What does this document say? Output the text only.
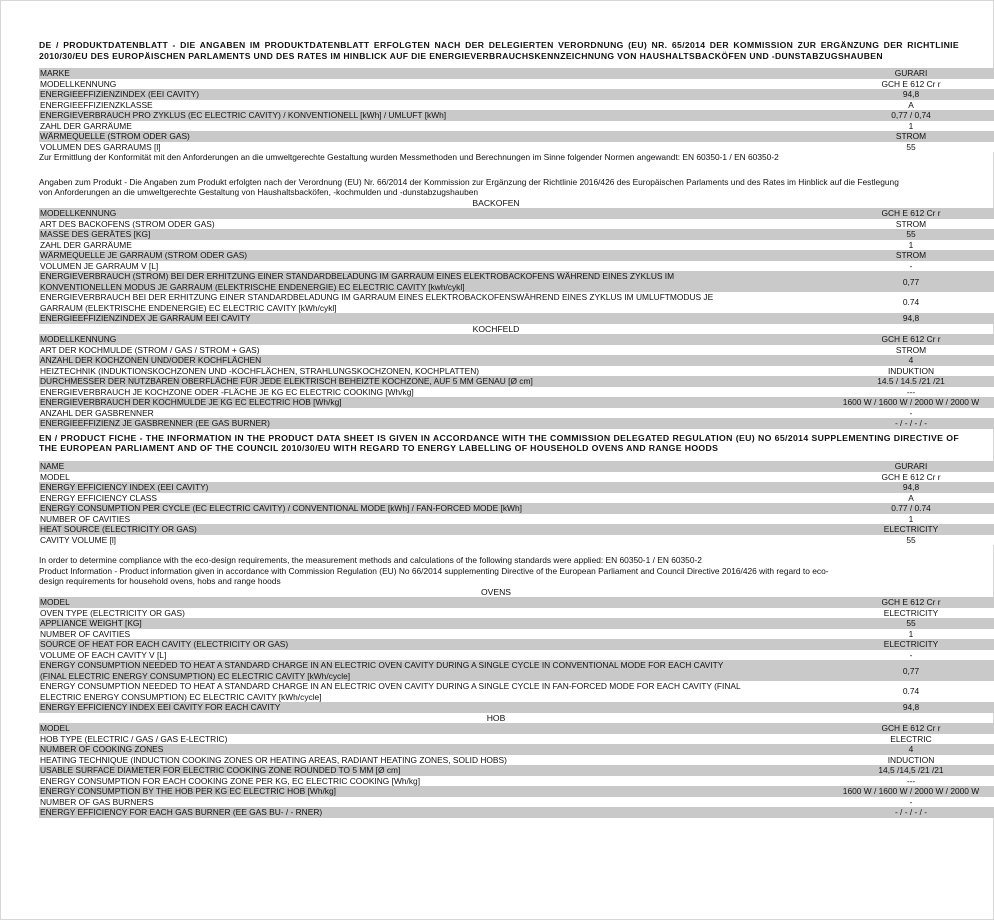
DE / PRODUKTDATENBLATT - DIE ANGABEN IM PRODUKTDATENBLATT ERFOLGTEN NACH DER DELEGIERTEN VERORDNUNG (EU) NR. 65/2014 DER KOMMISSION ZUR ERGÄNZUNG DER RICHTLINIE 2010/30/EU DES EUROPÄISCHEN PARLAMENTS UND DES RATES IM HINBLICK AUF DIE ENERGIEVERBRAUCHSKENNZEICHNUNG VON HAUSHALTSBACKÖFEN UND -DUNSTABZUGSHAUBEN
MARKE	GURARI
MODELLKENNUNG	GCH E 612 Cr r
ENERGIEEFFIZIENZINDEX (EEI CAVITY)	94,8
ENERGIEEFFIZIENZKLASSE	A
ENERGIEVERBRAUCH PRO ZYKLUS (EC ELECTRIC CAVITY) / KONVENTIONELL [kWh] / UMLUFT [kWh]	0,77 / 0,74
ZAHL DER GARRÄUME	1
WÄRMEQUELLE (STROM ODER GAS)	STROM
VOLUMEN DES GARRAUMS [l]	55
Zur Ermittlung der Konformität mit den Anforderungen an die umweltgerechte Gestaltung wurden Messmethoden und Berechnungen im Sinne folgender Normen angewandt: EN 60350-1 / EN 60350-2
Angaben zum Produkt - Die Angaben zum Produkt erfolgten nach der Verordnung (EU) Nr. 66/2014 der Kommission zur Ergänzung der Richtlinie 2016/426 des Europäischen Parlaments und des Rates im Hinblick auf die Festlegung von Anforderungen an die umweltgerechte Gestaltung von Haushaltsbacköfen, -kochmulden und -dunstabzugshauben
BACKOFEN
MODELLKENNUNG	GCH E 612 Cr r
ART DES BACKOFENS (STROM ODER GAS)	STROM
MASSE DES GERÄTES [KG]	55
ZAHL DER GARRÄUME	1
WÄRMEQUELLE JE GARRAUM (STROM ODER GAS)	STROM
VOLUMEN JE GARRAUM V [L]	-
ENERGIEVERBRAUCH (STROM) BEI DER ERHITZUNG EINER STANDARDBELADUNG IM GARRAUM EINES ELEKTROBACKOFENS WÄHREND EINES ZYKLUS IM KONVENTIONELLEN MODUS JE GARRAUM (ELEKTRISCHE ENDENERGIE) EC ELECTRIC CAVITY [kwh/cykl]	0,77
ENERGIEVERBRAUCH BEI DER ERHITZUNG EINER STANDARDBELADUNG IM GARRAUM EINES ELEKTROBACKOFENSWÄHREND EINES ZYKLUS IM UMLUFTMODUS JE GARRAUM (ELEKTRISCHE ENDENERGIE) EC ELECTRIC CAVITY [kWh/cykl]	0.74
ENERGIEEFFIZIENZINDEX JE GARRAUM EEI CAVITY	94,8
KOCHFELD
MODELLKENNUNG	GCH E 612 Cr r
ART DER KOCHMULDE (STROM / GAS / STROM + GAS)	STROM
ANZAHL DER KOCHZONEN UND/ODER KOCHFLÄCHEN	4
HEIZTECHNIK (INDUKTIONSKOCHZONEN UND -KOCHFLÄCHEN, STRAHLUNGSKOCHZONEN, KOCHPLATTEN)	INDUKTION
DURCHMESSER DER NUTZBAREN OBERFLÄCHE FÜR JEDE ELEKTRISCH BEHEIZTE KOCHZONE, AUF 5 MM GENAU [Ø cm]	14.5 / 14.5 /21 /21
ENERGIEVERBRAUCH JE KOCHZONE ODER -FLÄCHE JE KG EC ELECTRIC COOKING [Wh/kg]	---
ENERGIEVERBRAUCH DER KOCHMULDE JE KG EC ELECTRIC HOB [Wh/kg]	1600 W / 1600 W / 2000 W / 2000 W
ANZAHL DER GASBRENNER	-
ENERGIEEFFIZIENZ JE GASBRENNER (EE GAS BURNER)	- / - / - / -
EN / PRODUCT FICHE - THE INFORMATION IN THE PRODUCT DATA SHEET IS GIVEN IN ACCORDANCE WITH THE COMMISSION DELEGATED REGULATION (EU) NO 65/2014 SUPPLEMENTING DIRECTIVE OF THE EUROPEAN PARLIAMENT AND OF THE COUNCIL 2010/30/EU WITH REGARD TO ENERGY LABELLING OF HOUSEHOLD OVENS AND RANGE HOODS
NAME	GURARI
MODEL	GCH E 612 Cr r
ENERGY EFFICIENCY INDEX (EEI CAVITY)	94,8
ENERGY EFFICIENCY CLASS	A
ENERGY CONSUMPTION PER CYCLE (EC ELECTRIC CAVITY) / CONVENTIONAL MODE [kWh] / FAN-FORCED MODE [kWh]	0.77 / 0.74
NUMBER OF CAVITIES	1
HEAT SOURCE (ELECTRICITY OR GAS)	ELECTRICITY
CAVITY VOLUME [l]	55
In order to determine compliance with the eco-design requirements, the measurement methods and calculations of the following standards were applied: EN 60350-1 / EN 60350-2
Product Information - Product information given in accordance with Commission Regulation (EU) No 66/2014 supplementing Directive of the European Parliament and Council Directive 2016/426 with regard to eco-design requirements for household ovens, hobs and range hoods
OVENS
MODEL	GCH E 612 Cr r
OVEN TYPE (ELECTRICITY OR GAS)	ELECTRICITY
APPLIANCE WEIGHT [KG]	55
NUMBER OF CAVITIES	1
SOURCE OF HEAT FOR EACH CAVITY (ELECTRICITY OR GAS)	ELECTRICITY
VOLUME OF EACH CAVITY V [L]	-
ENERGY CONSUMPTION NEEDED TO HEAT A STANDARD CHARGE IN AN ELECTRIC OVEN CAVITY DURING A SINGLE CYCLE IN CONVENTIONAL MODE FOR EACH CAVITY (FINAL ELECTRIC ENERGY CONSUMPTION) EC ELECTRIC CAVITY [kWh/cycle]	0,77
ENERGY CONSUMPTION NEEDED TO HEAT A STANDARD CHARGE IN AN ELECTRIC OVEN CAVITY DURING A SINGLE CYCLE IN FAN-FORCED MODE FOR EACH CAVITY (FINAL ELECTRIC ENERGY CONSUMPTION) EC ELECTRIC CAVITY [kWh/cycle]	0.74
ENERGY EFFICIENCY INDEX EEI CAVITY FOR EACH CAVITY	94,8
HOB
MODEL	GCH E 612 Cr r
HOB TYPE (ELECTRIC / GAS / GAS E-LECTRIC)	ELECTRIC
NUMBER OF COOKING ZONES	4
HEATING TECHNIQUE (INDUCTION COOKING ZONES OR HEATING AREAS, RADIANT HEATING ZONES, SOLID HOBS)	INDUCTION
USABLE SURFACE DIAMETER FOR ELECTRIC COOKING ZONE ROUNDED TO 5 MM [Ø cm]	14,5 /14,5 /21 /21
ENERGY CONSUMPTION FOR EACH COOKING ZONE PER KG, EC ELECTRIC COOKING [Wh/kg]	---
ENERGY CONSUMPTION BY THE HOB PER KG EC ELECTRIC HOB [Wh/kg]	1600 W / 1600 W / 2000 W / 2000 W
NUMBER OF GAS BURNERS	-
ENERGY EFFICIENCY FOR EACH GAS BURNER (EE GAS BU- / - RNER)	- / - / - / -
